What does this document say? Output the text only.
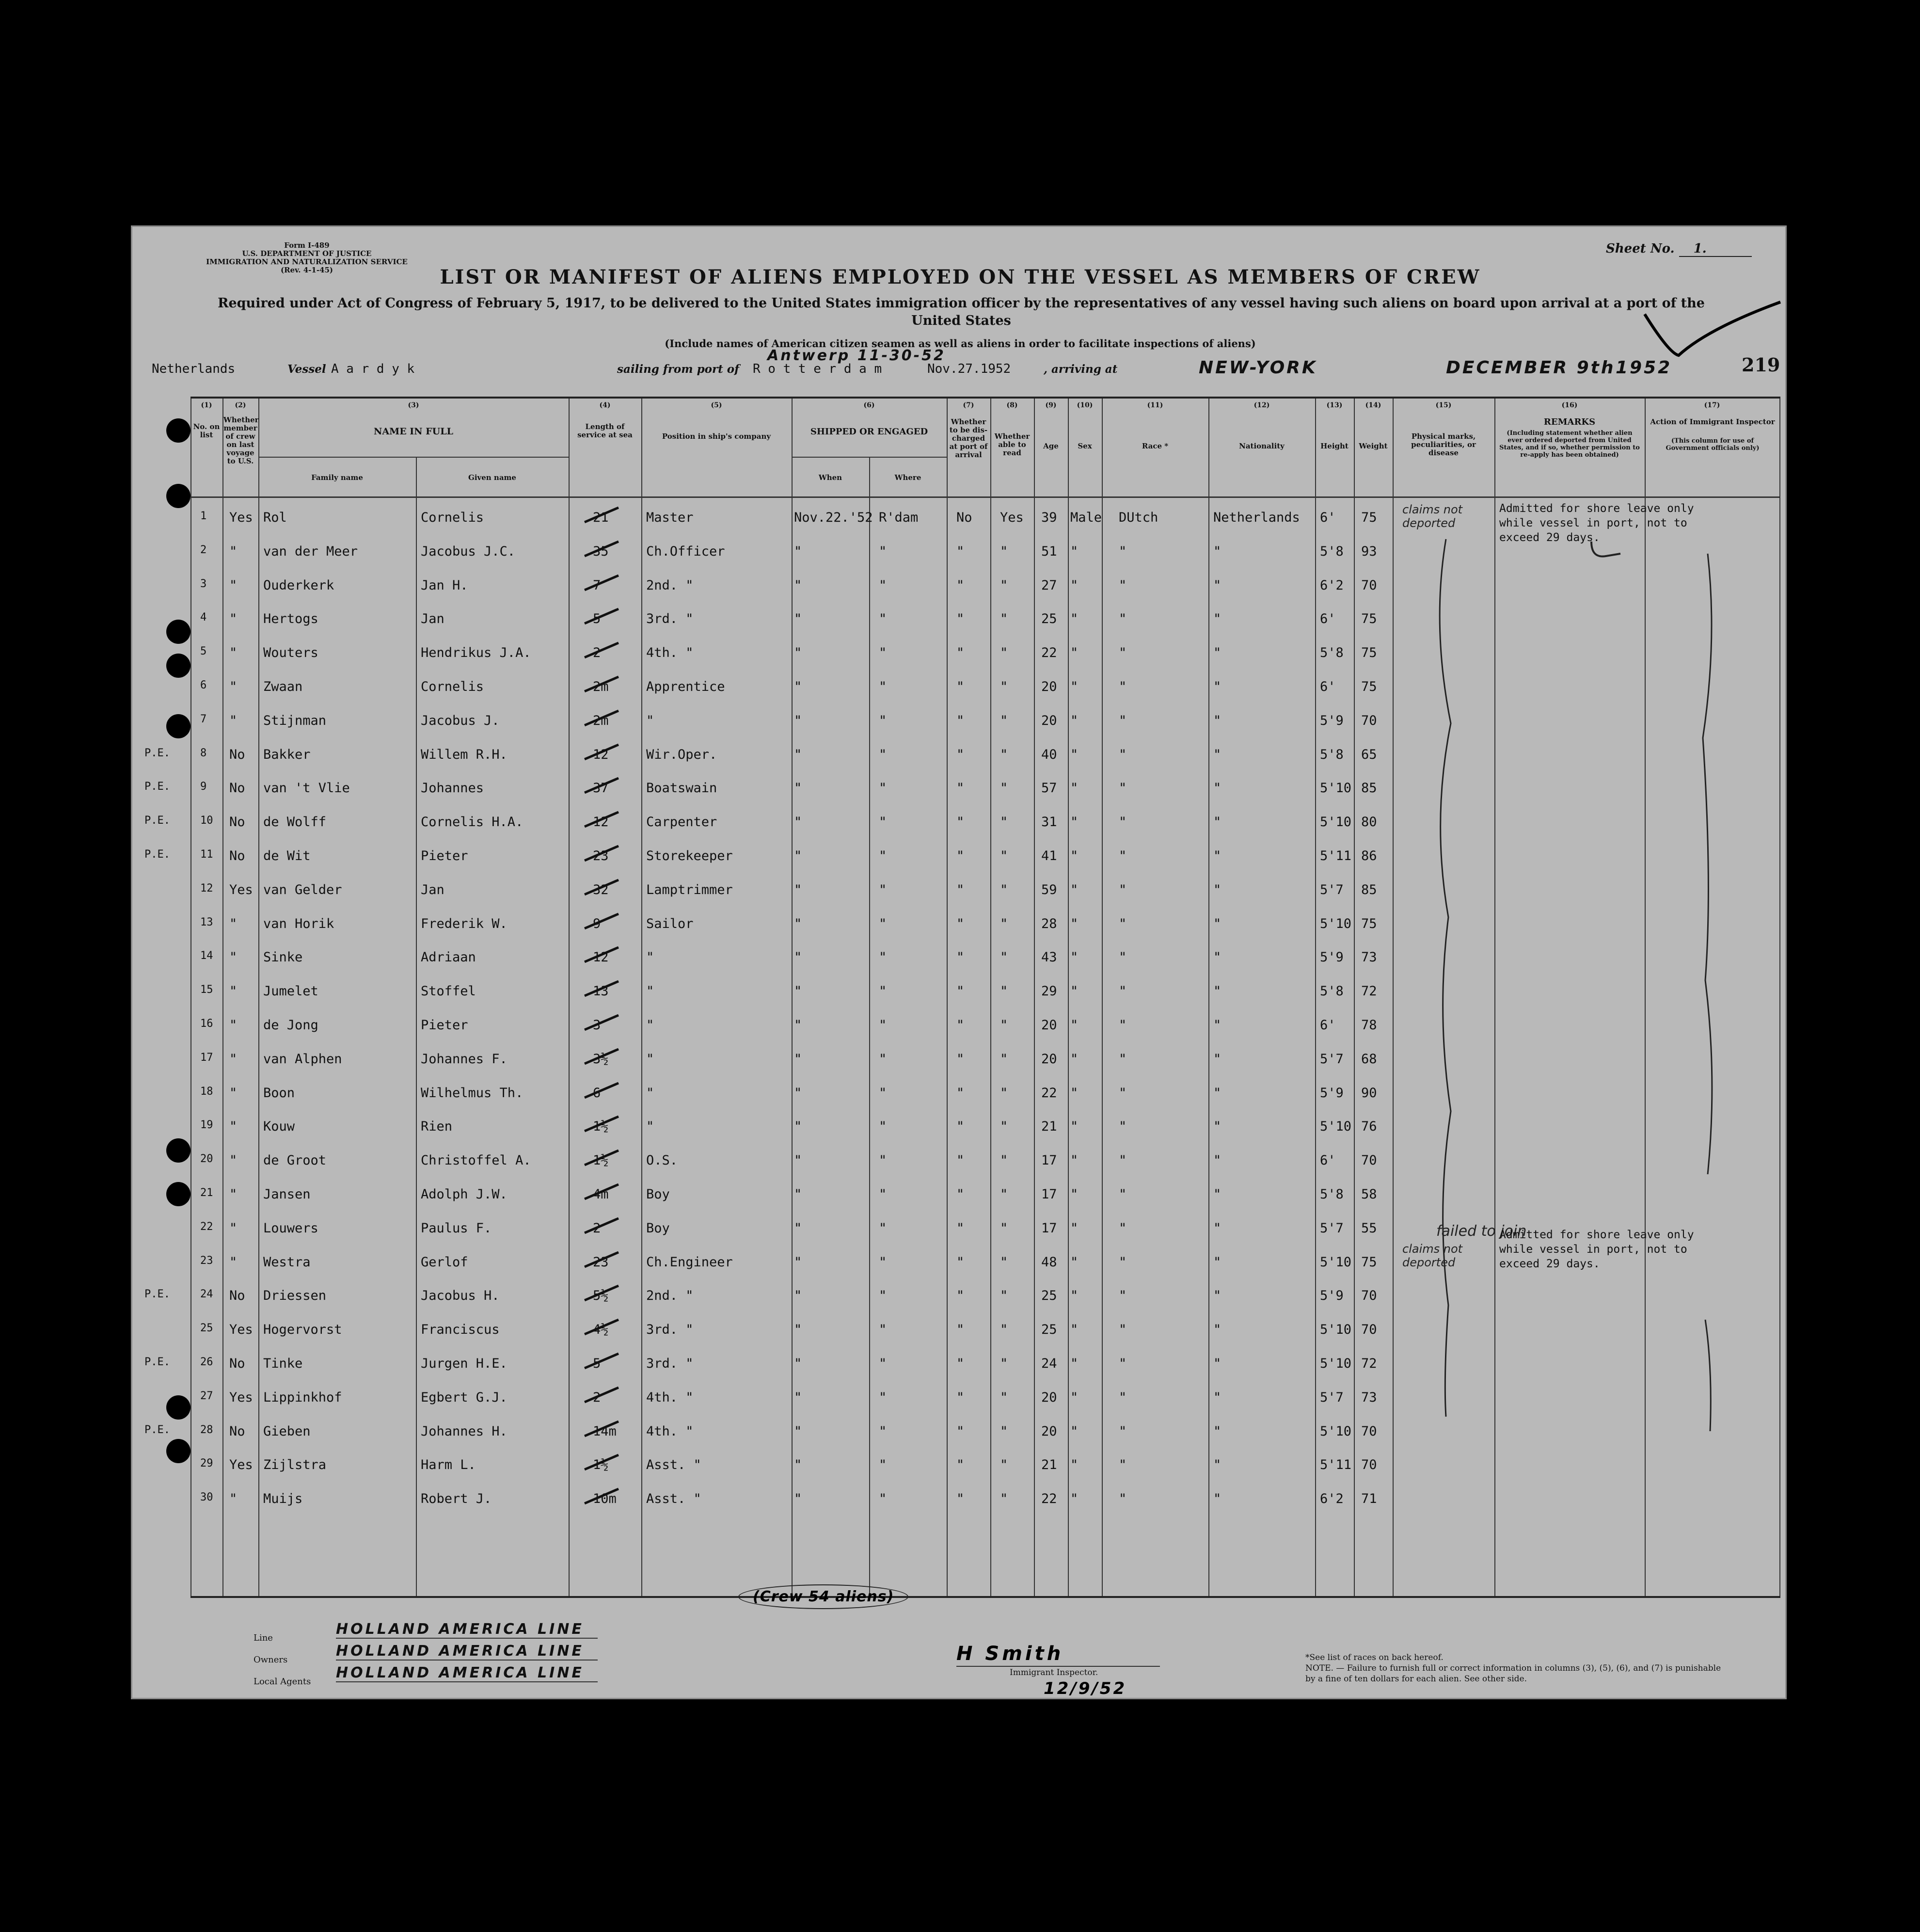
Form I-489
U.S. DEPARTMENT OF JUSTICE
IMMIGRATION AND NATURALIZATION SERVICE
(Rev. 4-1-45)
Sheet No. 1.
LIST OR MANIFEST OF ALIENS EMPLOYED ON THE VESSEL AS MEMBERS OF CREW
Required under Act of Congress of February 5, 1917, to be delivered to the United States immigration officer by the representatives of any vessel having such aliens on board upon arrival at a port of the United States
(Include names of American citizen seamen as well as aliens in order to facilitate inspections of aliens)
219
Netherlands	Vessel A a r d y k	sailing from port of
Antwerp 11-30-52
R o t t e r d a m	Nov.27.1952	, arriving at	NEW-YORK	DECEMBER 9th 1952
(1)	(2)	(3)	(4)	(5)	(6)	(7)	(8)	(9)	(10)	(11)	(12)	(13)	(14)	(15)	(16)	(17)
No. on list
Whether member of crew on last voyage to U.S.
NAME IN FULL
Family name	Given name
Length of service at sea	Position in ship's company	SHIPPED OR ENGAGED
When	Where
Whether to be dis-charged at port of arrival
Whether able to read
Age	Sex	Race *	Nationality	Height	Weight
Physical marks, peculiarities, or disease
REMARKS
(Including statement whether alien ever ordered deported from United States, and if so, whether permission to re-apply has been obtained)
Action of Immigrant Inspector
(This column for use of Government officials only)
1 Yes Rol	Cornelis	21	Master	Nov.22.'52 R'dam	No Yes 39 Male DUtch	Netherlands 6' 75
2 " van der Meer	Jacobus J.C.	35	Ch.Officer	"	"	"	"	51 "	"	"	5'8 93
3 " Ouderkerk	Jan H.	7	2nd. "	"	"	"	"	27 "	"	"	6'2 70
4 " Hertogs	Jan	5	3rd. "	"	"	"	"	25 "	"	"	6' 75
5 " Wouters	Hendrikus J.A.	2	4th. "	"	"	"	"	22 "	"	"	5'8 75
6 " Zwaan	Cornelis	2m	Apprentice	"	"	"	"	20 "	"	"	6' 75
7 " Stijnman	Jacobus J.	2m	"	"	"	"	"	20 "	"	"	5'9 70
P.E.	8 No Bakker	Willem R.H.	12	Wir.Oper.	"	"	"	"	40 "	"	"	5'8 65
P.E.	9 No van 't Vlie	Johannes	37	Boatswain	"	"	"	"	57 "	"	"	5'10 85
P.E.	10 No de Wolff	Cornelis H.A.	12	Carpenter	"	"	"	"	31 "	"	"	5'10 80
P.E.	11 No de Wit	Pieter	23	Storekeeper	"	"	"	"	41 "	"	"	5'11 86
12 Yes van Gelder	Jan	32	Lamptrimmer	"	"	"	"	59 "	"	"	5'7 85
13 " van Horik	Frederik W.	9	Sailor	"	"	"	"	28 "	"	"	5'10 75
14 " Sinke	Adriaan	12	"	"	"	"	"	43 "	"	"	5'9 73
15 " Jumelet	Stoffel	13	"	"	"	"	"	29 "	"	"	5'8 72
16 " de Jong	Pieter	3	"	"	"	"	"	20 "	"	"	6' 78
17 " van Alphen	Johannes F.	3½	"	"	"	"	"	20 "	"	"	5'7 68
18 " Boon	Wilhelmus Th.	6	"	"	"	"	"	22 "	"	"	5'9 90
19 " Kouw	Rien	1½	"	"	"	"	"	21 "	"	"	5'10 76
20 " de Groot	Christoffel A.	1½	O.S.	"	"	"	"	17 "	"	"	6' 70
21 " Jansen	Adolph J.W.	4m	Boy	"	"	"	"	17 "	"	"	5'8 58
22 " Louwers	Paulus F.	2	Boy	"	"	"	"	17 "	"	"	5'7 55
23 " Westra	Gerlof	23	Ch.Engineer	"	"	"	"	48 "	"	"	5'10 75
P.E.	24 No Driessen	Jacobus H.	5½	2nd. "	"	"	"	"	25 "	"	"	5'9 70
25 Yes Hogervorst	Franciscus	4½	3rd. "	"	"	"	"	25 "	"	"	5'10 70
P.E.	26 No Tinke	Jurgen H.E.	5	3rd. "	"	"	"	"	24 "	"	"	5'10 72
27 Yes Lippinkhof	Egbert G.J.	2	4th. "	"	"	"	"	20 "	"	"	5'7 73
P.E.	28 No Gieben	Johannes H.	14m 4th. "	"	"	"	"	20 "	"	"	5'10 70
29 Yes Zijlstra	Harm L.	1½	Asst. "	"	"	"	"	21 "	"	"	5'11 70
30 " Muijs	Robert J.	10m Asst. "	"	"	"	"	22 "	"	"	6'2 71
claims not deported
claims not deported
failed to join
Admitted for shore leave only while vessel in port, not to exceed 29 days.
Admitted for shore leave only while vessel in port, not to exceed 29 days.
(Crew 54 aliens)
Line
HOLLAND AMERICA LINE
Owners
HOLLAND AMERICA LINE
Local Agents
HOLLAND AMERICA LINE
H Smith
Immigrant Inspector.
12/9/52
*See list of races on back hereof.
NOTE. — Failure to furnish full or correct information in columns (3), (5), (6), and (7) is punishable by a fine of ten dollars for each alien. See other side.
